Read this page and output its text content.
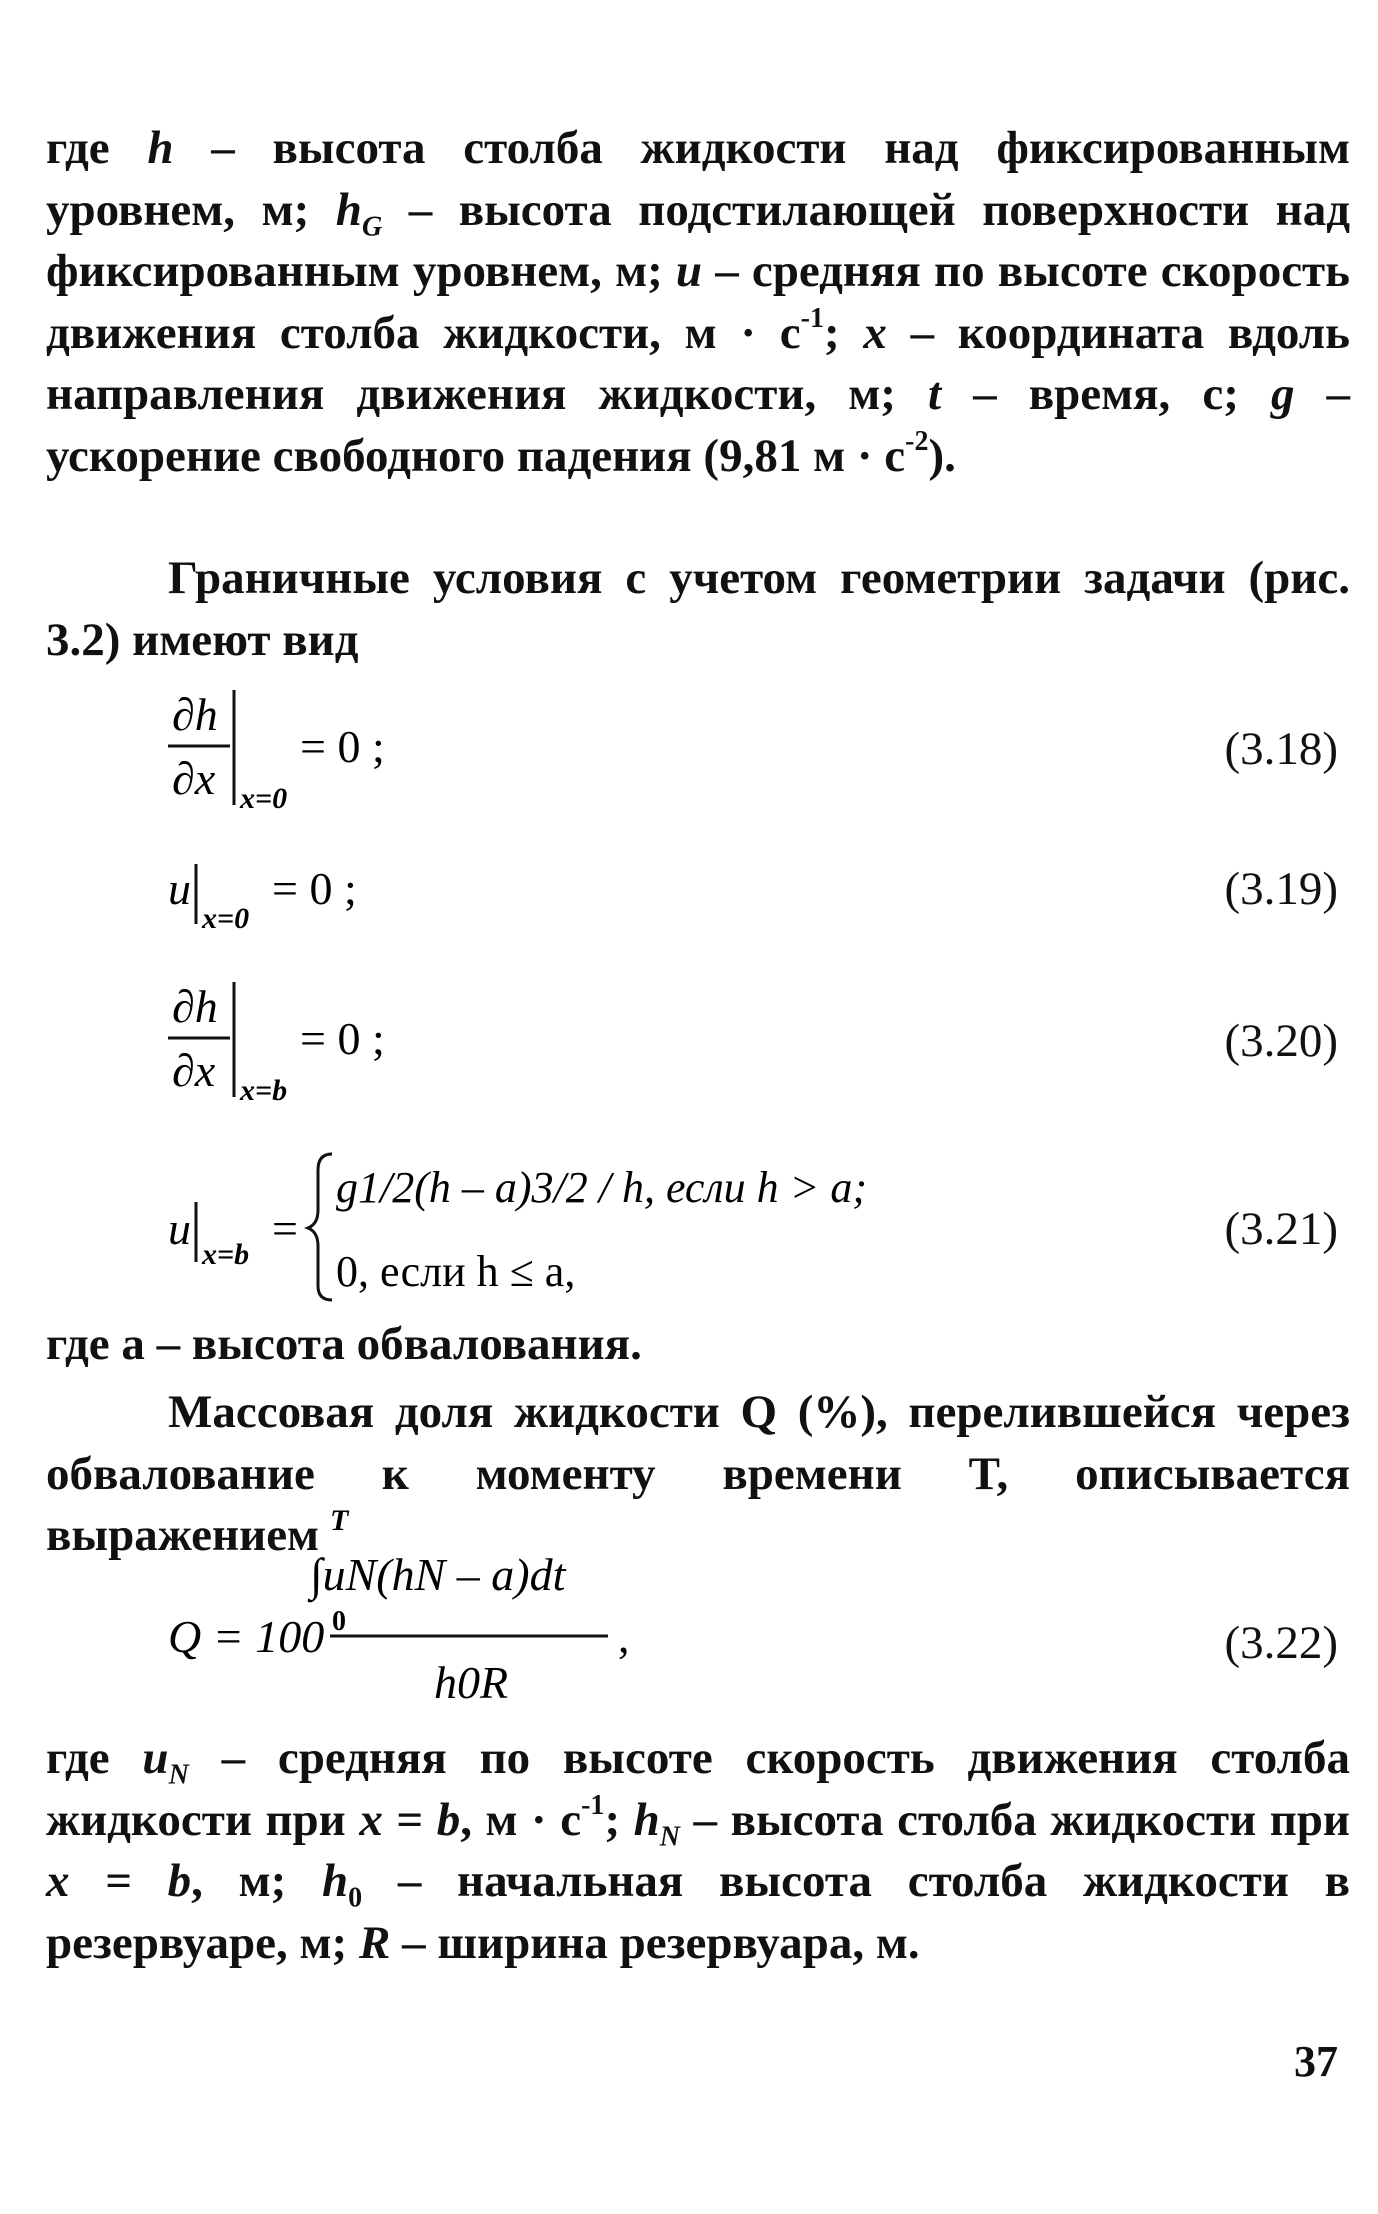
где h – высота столба жидкости над фиксированным уровнем, м; $h_G$ – высота подстилающей поверхности над фиксированным уровнем, м; u – средняя по высоте скорость движения столба жидкости, $м \cdot с^{-1}$; x – координата вдоль направления движения жидкости, м; t – время, с; g – ускорение свободного падения (9,81 $м \cdot с^{-2}$).

Граничные условия с учетом геометрии задачи (рис. 3.2) имеют вид

∂h
∂x x=0
= 0 ;	(3.18)
u
x=0
= 0 ;	(3.19)
∂h
∂x x=b
= 0 ;	(3.20)
u
x=b
=
g1/2(h – a)3/2 / h, если h > a;
0, если h ≤ a,
(3.21)

где a – высота обвалования.

Массовая доля жидкости Q (%), перелившейся через обвалование к моменту времени T, описывается выражением T
∫uN(hN – a)dt
0
Q = 100
h0R
,	(3.22)

где $u_N$ – средняя по высоте скорость движения столба жидкости при x = b, $м \cdot с^{-1}$; $h_N$ – высота столба жидкости при x = b, м; $h_0$ – начальная высота столба жидкости в резервуаре, м; R – ширина резервуара, м.

37
